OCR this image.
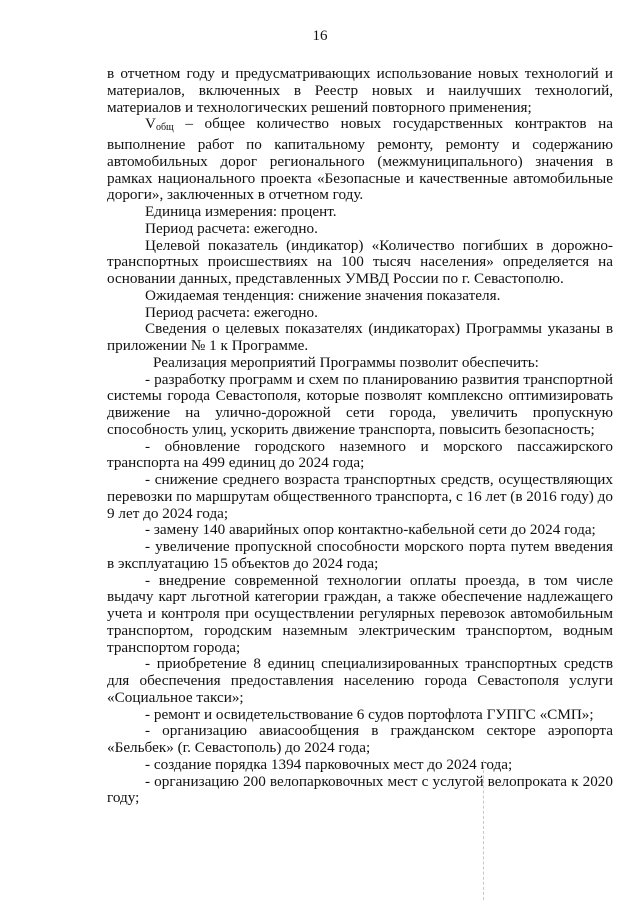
16

в отчетном году и предусматривающих использование новых технологий и материалов, включенных в Реестр новых и наилучших технологий, материалов и технологических решений повторного применения;

$V_{общ}$ – общее количество новых государственных контрактов на выполнение работ по капитальному ремонту, ремонту и содержанию автомобильных дорог регионального (межмуниципального) значения в рамках национального проекта «Безопасные и качественные автомобильные дороги», заключенных в отчетном году.

Единица измерения: процент.

Период расчета: ежегодно.

Целевой показатель (индикатор) «Количество погибших в дорожно-транспортных происшествиях на 100 тысяч населения» определяется на основании данных, представленных УМВД России по г. Севастополю.

Ожидаемая тенденция: снижение значения показателя.

Период расчета: ежегодно.

Сведения о целевых показателях (индикаторах) Программы указаны в приложении № 1 к Программе.

Реализация мероприятий Программы позволит обеспечить:

- разработку программ и схем по планированию развития транспортной системы города Севастополя, которые позволят комплексно оптимизировать движение на улично-дорожной сети города, увеличить пропускную способность улиц, ускорить движение транспорта, повысить безопасность;

- обновление городского наземного и морского пассажирского транспорта на 499 единиц до 2024 года;

- снижение среднего возраста транспортных средств, осуществляющих перевозки по маршрутам общественного транспорта, с 16 лет (в 2016 году) до 9 лет до 2024 года;

- замену 140 аварийных опор контактно-кабельной сети до 2024 года;

- увеличение пропускной способности морского порта путем введения в эксплуатацию 15 объектов до 2024 года;

- внедрение современной технологии оплаты проезда, в том числе выдачу карт льготной категории граждан, а также обеспечение надлежащего учета и контроля при осуществлении регулярных перевозок автомобильным транспортом, городским наземным электрическим транспортом, водным транспортом города;

- приобретение 8 единиц специализированных транспортных средств для обеспечения предоставления населению города Севастополя услуги «Социальное такси»;

- ремонт и освидетельствование 6 судов портофлота ГУПГС «СМП»;

- организацию авиасообщения в гражданском секторе аэропорта «Бельбек» (г. Севастополь) до 2024 года;

- создание порядка 1394 парковочных мест до 2024 года;

- организацию 200 велопарковочных мест с услугой велопроката к 2020 году;
